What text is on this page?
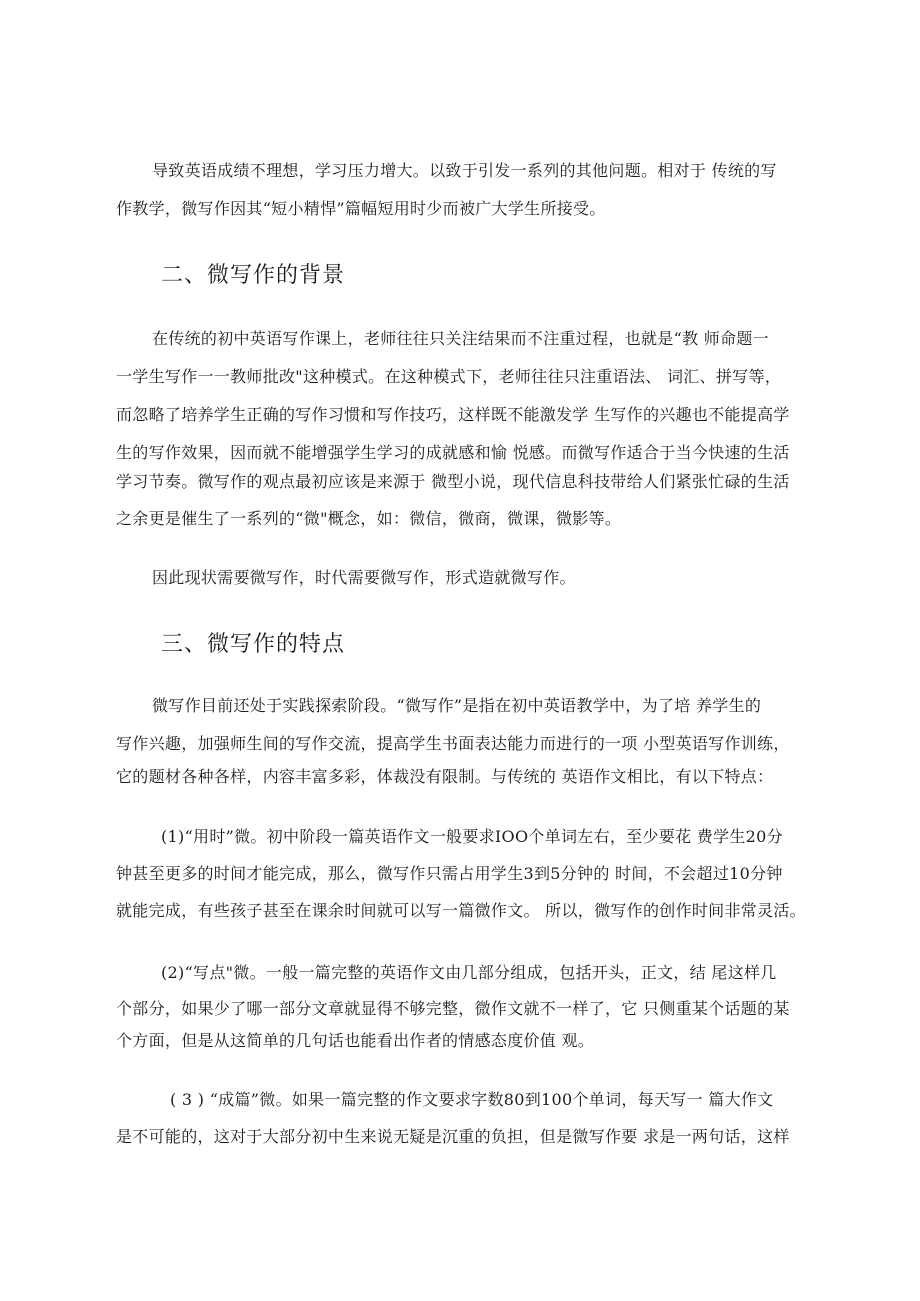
导致英语成绩不理想，学习压力增大。以致于引发一系列的其他问题。相对于 传统的写
作教学，微写作因其“短小精悍”篇幅短用时少而被广大学生所接受。
二、微写作的背景
在传统的初中英语写作课上，老师往往只关注结果而不注重过程，也就是“教 师命题一
一学生写作一一教师批改"这种模式。在这种模式下，老师往往只注重语法、 词汇、拼写等，
而忽略了培养学生正确的写作习惯和写作技巧，这样既不能激发学 生写作的兴趣也不能提高学
生的写作效果，因而就不能增强学生学习的成就感和愉 悦感。而微写作适合于当今快速的生活
学习节奏。微写作的观点最初应该是来源于 微型小说，现代信息科技带给人们紧张忙碌的生活
之余更是催生了一系列的“微"概念，如：微信，微商，微课，微影等。
因此现状需要微写作，时代需要微写作，形式造就微写作。
三、微写作的特点
微写作目前还处于实践探索阶段。“微写作”是指在初中英语教学中，为了培 养学生的
写作兴趣，加强师生间的写作交流，提高学生书面表达能力而进行的一项 小型英语写作训练，
它的题材各种各样，内容丰富多彩，体裁没有限制。与传统的 英语作文相比，有以下特点：
(1)“用时”微。初中阶段一篇英语作文一般要求IOO个单词左右，至少要花 费学生20分
钟甚至更多的时间才能完成，那么，微写作只需占用学生3到5分钟的 时间，不会超过10分钟
就能完成，有些孩子甚至在课余时间就可以写一篇微作文。 所以，微写作的创作时间非常灵活。
(2)“写点"微。一般一篇完整的英语作文由几部分组成，包括开头，正文，结 尾这样几
个部分，如果少了哪一部分文章就显得不够完整，微作文就不一样了，它 只侧重某个话题的某
个方面，但是从这简单的几句话也能看出作者的情感态度价值 观。
( 3 ) “成篇”微。如果一篇完整的作文要求字数80到100个单词，每天写一 篇大作文
是不可能的，这对于大部分初中生来说无疑是沉重的负担，但是微写作要 求是一两句话，这样
